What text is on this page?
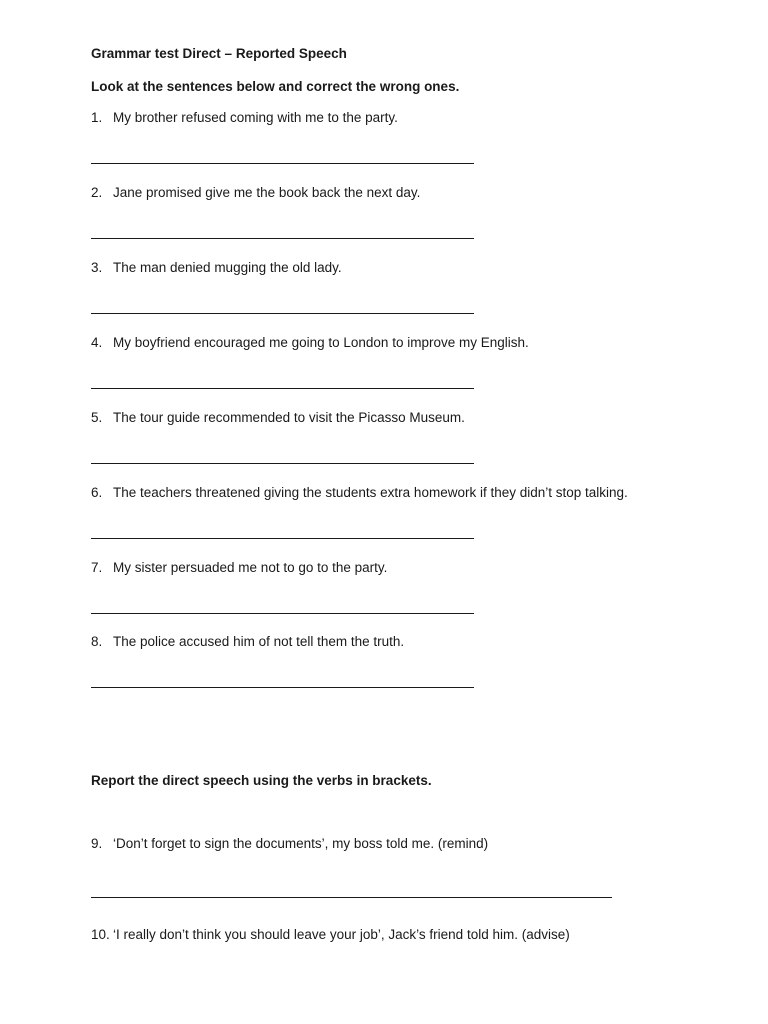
Grammar test Direct – Reported Speech
Look at the sentences below and correct the wrong ones.
1. My brother refused coming with me to the party.
2. Jane promised give me the book back the next day.
3. The man denied mugging the old lady.
4. My boyfriend encouraged me going to London to improve my English.
5. The tour guide recommended to visit the Picasso Museum.
6. The teachers threatened giving the students extra homework if they didn’t stop talking.
7. My sister persuaded me not to go to the party.
8. The police accused him of not tell them the truth.
Report the direct speech using the verbs in brackets.
9. ‘Don’t forget to sign the documents’, my boss told me. (remind)
10. ‘I really don’t think you should leave your job’, Jack’s friend told him. (advise)
